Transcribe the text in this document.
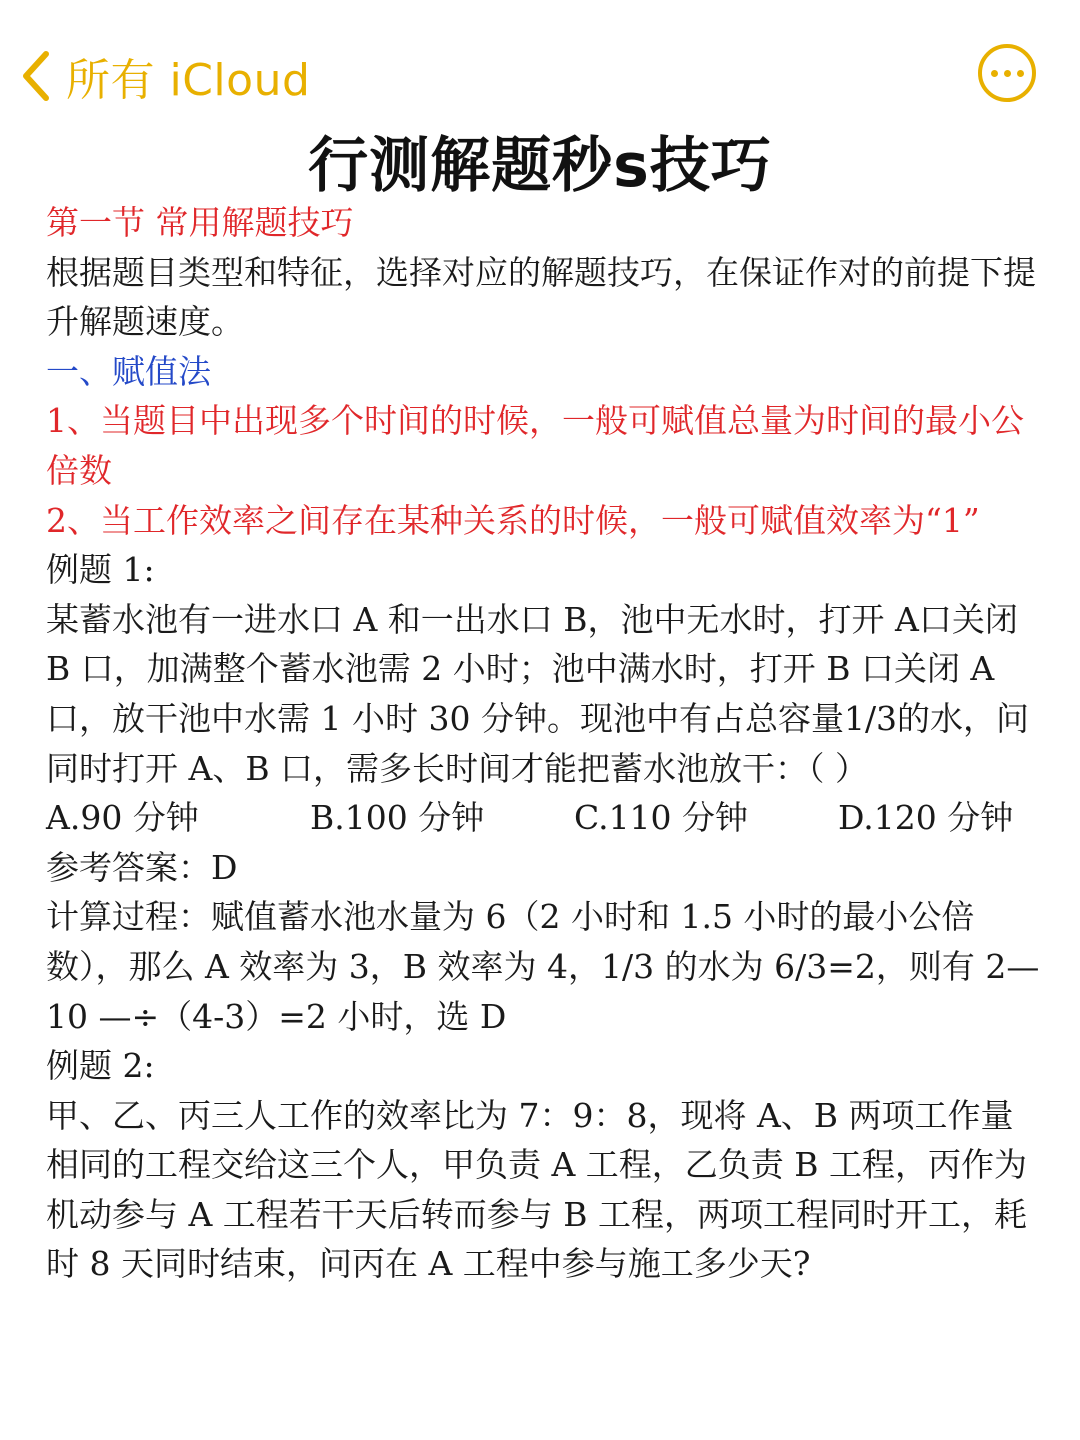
所有 iCloud
行测解题秒s技巧

第一节 常用解题技巧

根据题目类型和特征，选择对应的解题技巧，在保证作对的前提下提升解题速度。

一、赋值法

1、当题目中出现多个时间的时候，一般可赋值总量为时间的最小公倍数

2、当工作效率之间存在某种关系的时候，一般可赋值效率为“1”

例题 1:

某蓄水池有一进水口 A 和一出水口 B，池中无水时，打开 A口关闭 B 口，加满整个蓄水池需 2 小时；池中满水时，打开 B 口关闭 A 口，放干池中水需 1 小时 30 分钟。现池中有占总容量1/3的水，问同时打开 A、B 口，需多长时间才能把蓄水池放干：（ ）

A.90 分钟	B.100 分钟	C.110 分钟	D.120 分钟

参考答案：D

计算过程：赋值蓄水池水量为 6（2 小时和 1.5 小时的最小公倍数），那么 A 效率为 3，B 效率为 4，1/3 的水为 6/3=2，则有 2— 10 —÷（4-3）=2 小时，选 D

例题 2:

甲、乙、丙三人工作的效率比为 7：9：8，现将 A、B 两项工作量相同的工程交给这三个人，甲负责 A 工程，乙负责 B 工程，丙作为机动参与 A 工程若干天后转而参与 B 工程，两项工程同时开工，耗时 8 天同时结束，问丙在 A 工程中参与施工多少天?
